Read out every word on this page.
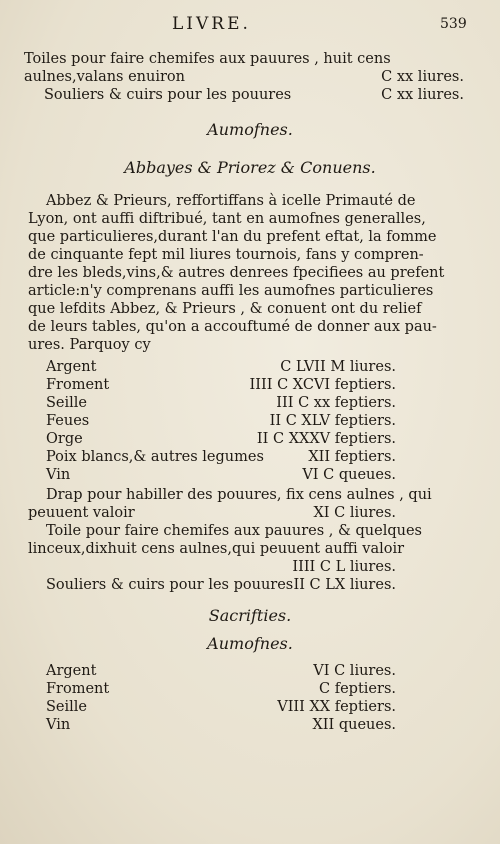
LIVRE.	539
Toiles pour faire chemifes aux pauures , huit cens
aulnes,valans enuiron	C xx liures.
Souliers & cuirs pour les pouures	C xx liures.
Aumofnes.
Abbayes & Priorez & Conuens.
Abbez & Prieurs, reffortiffans à icelle Primauté de
Lyon, ont auffi diftribué, tant en aumofnes generalles,
que particulieres,durant l'an du prefent eftat, la fomme
de cinquante fept mil liures tournois, fans y compren-
dre les bleds,vins,& autres denrees fpecifiees au prefent
article:n'y comprenans auffi les aumofnes particulieres
que lefdits Abbez, & Prieurs , & conuent ont du relief
de leurs tables, qu'on a accouftumé de donner aux pau-
ures. Parquoy cy
Argent	C LVII M liures.
Froment	IIII C XCVI feptiers.
Seille	III C xx feptiers.
Feues	II C XLV feptiers.
Orge	II C XXXV feptiers.
Poix blancs,& autres legumes	XII feptiers.
Vin	VI C queues.
Drap pour habiller des pouures, fix cens aulnes , qui
peuuent valoir	XI C liures.
Toile pour faire chemifes aux pauures , & quelques
linceux,dixhuit cens aulnes,qui peuuent auffi valoir
IIII C L liures.
Souliers & cuirs pour les pouures II C LX liures.
Sacrifties.
Aumofnes.
Argent	VI C liures.
Froment	C feptiers.
Seille	VIII XX feptiers.
Vin	XII queues.
